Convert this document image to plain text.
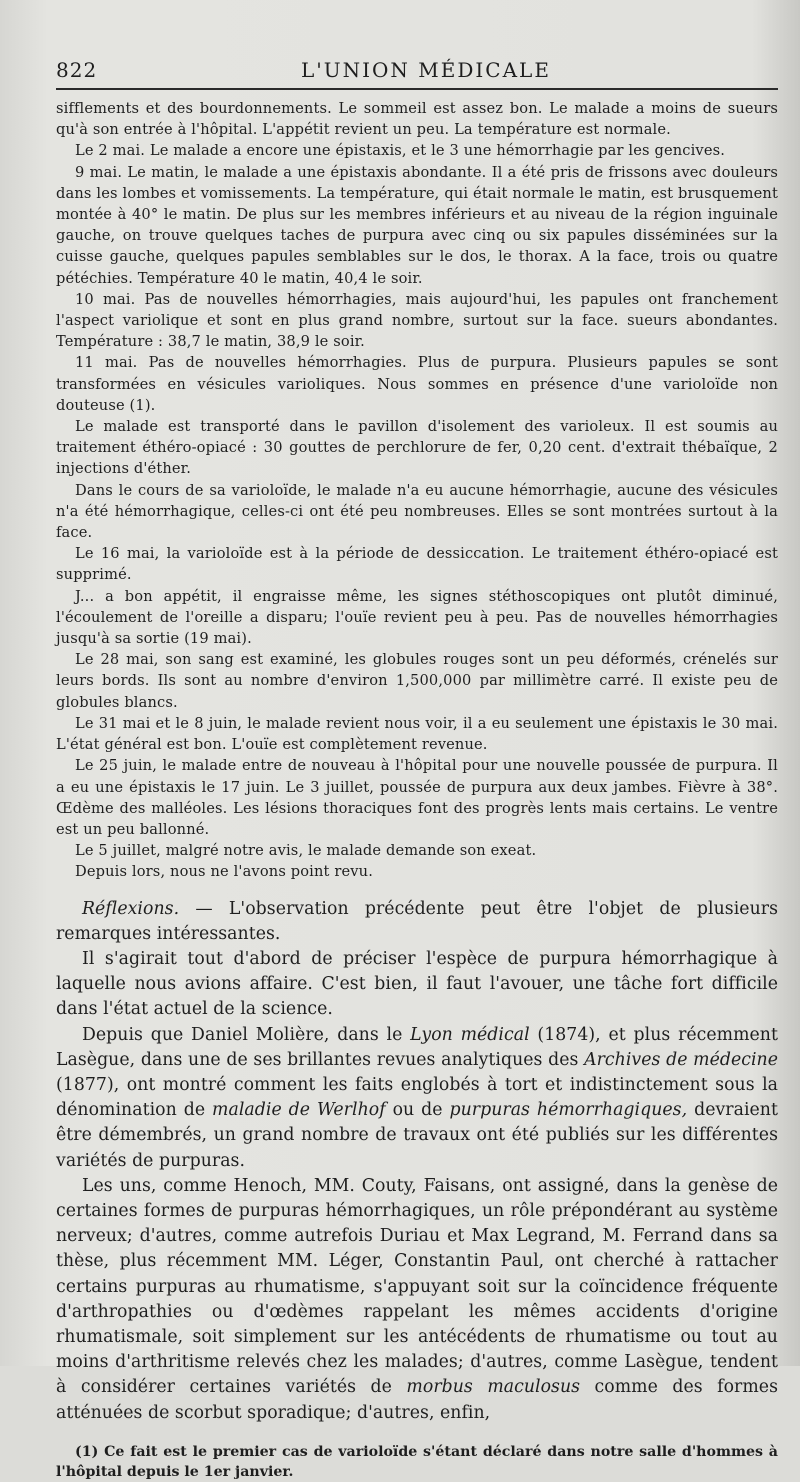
822	L'UNION MÉDICALE

sifflements et des bourdonnements. Le sommeil est assez bon. Le malade a moins de sueurs qu'à son entrée à l'hôpital. L'appétit revient un peu. La température est normale.

Le 2 mai. Le malade a encore une épistaxis, et le 3 une hémorrhagie par les gencives.

9 mai. Le matin, le malade a une épistaxis abondante. Il a été pris de frissons avec douleurs dans les lombes et vomissements. La température, qui était normale le matin, est brusquement montée à 40° le matin. De plus sur les membres inférieurs et au niveau de la région inguinale gauche, on trouve quelques taches de purpura avec cinq ou six papules disséminées sur la cuisse gauche, quelques papules semblables sur le dos, le thorax. A la face, trois ou quatre pétéchies. Température 40 le matin, 40,4 le soir.

10 mai. Pas de nouvelles hémorrhagies, mais aujourd'hui, les papules ont franchement l'aspect variolique et sont en plus grand nombre, surtout sur la face. sueurs abondantes. Température : 38,7 le matin, 38,9 le soir.

11 mai. Pas de nouvelles hémorrhagies. Plus de purpura. Plusieurs papules se sont transformées en vésicules varioliques. Nous sommes en présence d'une varioloïde non douteuse (1).

Le malade est transporté dans le pavillon d'isolement des varioleux. Il est soumis au traitement éthéro-opiacé : 30 gouttes de perchlorure de fer, 0,20 cent. d'extrait thébaïque, 2 injections d'éther.

Dans le cours de sa varioloïde, le malade n'a eu aucune hémorrhagie, aucune des vésicules n'a été hémorrhagique, celles-ci ont été peu nombreuses. Elles se sont montrées surtout à la face.

Le 16 mai, la varioloïde est à la période de dessiccation. Le traitement éthéro-opiacé est supprimé.

J... a bon appétit, il engraisse même, les signes stéthoscopiques ont plutôt diminué, l'écoulement de l'oreille a disparu; l'ouïe revient peu à peu. Pas de nouvelles hémorrhagies jusqu'à sa sortie (19 mai).

Le 28 mai, son sang est examiné, les globules rouges sont un peu déformés, crénelés sur leurs bords. Ils sont au nombre d'environ 1,500,000 par millimètre carré. Il existe peu de globules blancs.

Le 31 mai et le 8 juin, le malade revient nous voir, il a eu seulement une épistaxis le 30 mai. L'état général est bon. L'ouïe est complètement revenue.

Le 25 juin, le malade entre de nouveau à l'hôpital pour une nouvelle poussée de purpura. Il a eu une épistaxis le 17 juin. Le 3 juillet, poussée de purpura aux deux jambes. Fièvre à 38°. Œdème des malléoles. Les lésions thoraciques font des progrès lents mais certains. Le ventre est un peu ballonné.

Le 5 juillet, malgré notre avis, le malade demande son exeat.

Depuis lors, nous ne l'avons point revu.

Réflexions. — L'observation précédente peut être l'objet de plusieurs remarques intéressantes.

Il s'agirait tout d'abord de préciser l'espèce de purpura hémorrhagique à laquelle nous avions affaire. C'est bien, il faut l'avouer, une tâche fort difficile dans l'état actuel de la science.

Depuis que Daniel Molière, dans le Lyon médical (1874), et plus récemment Lasègue, dans une de ses brillantes revues analytiques des Archives de médecine (1877), ont montré comment les faits englobés à tort et indistinctement sous la dénomination de maladie de Werlhof ou de purpuras hémorrhagiques, devraient être démembrés, un grand nombre de travaux ont été publiés sur les différentes variétés de purpuras.

Les uns, comme Henoch, MM. Couty, Faisans, ont assigné, dans la genèse de certaines formes de purpuras hémorrhagiques, un rôle prépondérant au système nerveux; d'autres, comme autrefois Duriau et Max Legrand, M. Ferrand dans sa thèse, plus récemment MM. Léger, Constantin Paul, ont cherché à rattacher certains purpuras au rhumatisme, s'appuyant soit sur la coïncidence fréquente d'arthropathies ou d'œdèmes rappelant les mêmes accidents d'origine rhumatismale, soit simplement sur les antécédents de rhumatisme ou tout au moins d'arthritisme relevés chez les malades; d'autres, comme Lasègue, tendent à considérer certaines variétés de morbus maculosus comme des formes atténuées de scorbut sporadique; d'autres, enfin,

(1) Ce fait est le premier cas de varioloïde s'étant déclaré dans notre salle d'hommes à l'hôpital depuis le 1er janvier.
